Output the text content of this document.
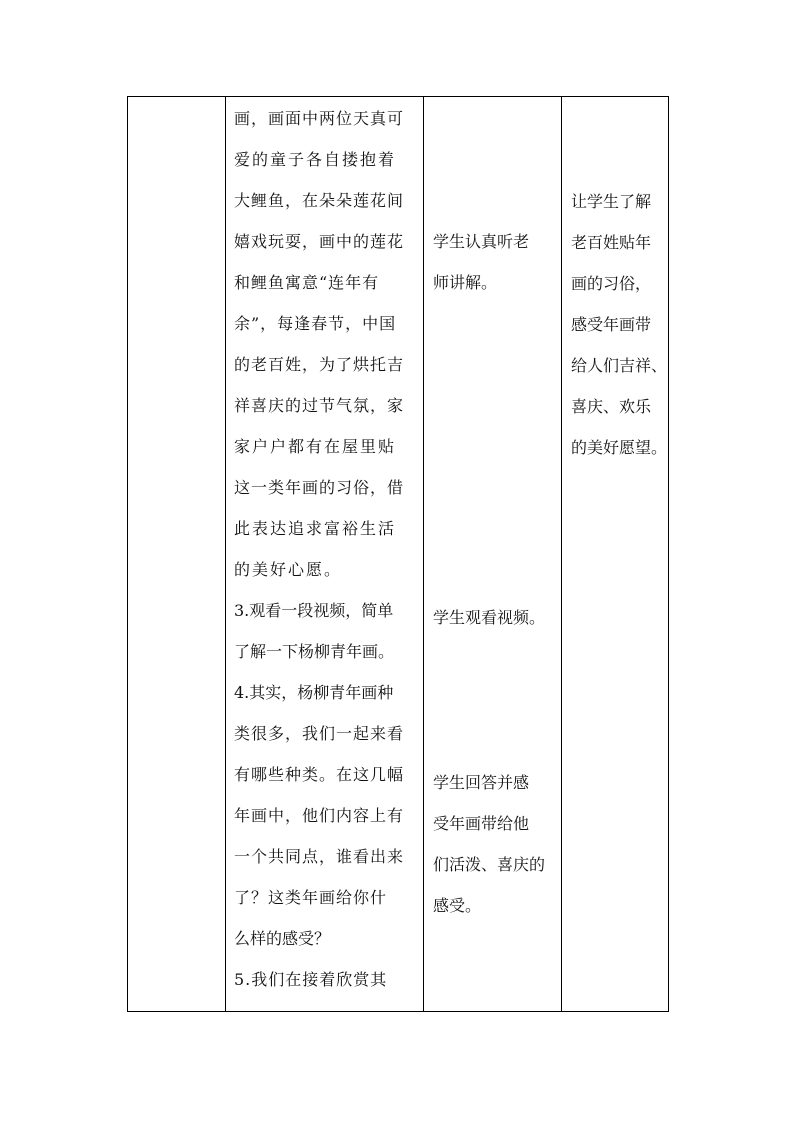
画，画面中两位天真可
爱的童子各自搂抱着
大鲤鱼，在朵朵莲花间
嬉戏玩耍，画中的莲花
和鲤鱼寓意“连年有
余”，每逢春节，中国
的老百姓，为了烘托吉
祥喜庆的过节气氛，家
家户户都有在屋里贴
这一类年画的习俗，借
此表达追求富裕生活
的美好心愿。
3.观看一段视频，简单
了解一下杨柳青年画。
4.其实，杨柳青年画种
类很多，我们一起来看
有哪些种类。在这几幅
年画中，他们内容上有
一个共同点，谁看出来
了？这类年画给你什
么样的感受？
5.我们在接着欣赏其
学生认真听老
师讲解。
学生观看视频。
学生回答并感
受年画带给他
们活泼、喜庆的
感受。
让学生了解
老百姓贴年
画的习俗，
感受年画带
给人们吉祥、
喜庆、欢乐
的美好愿望。
